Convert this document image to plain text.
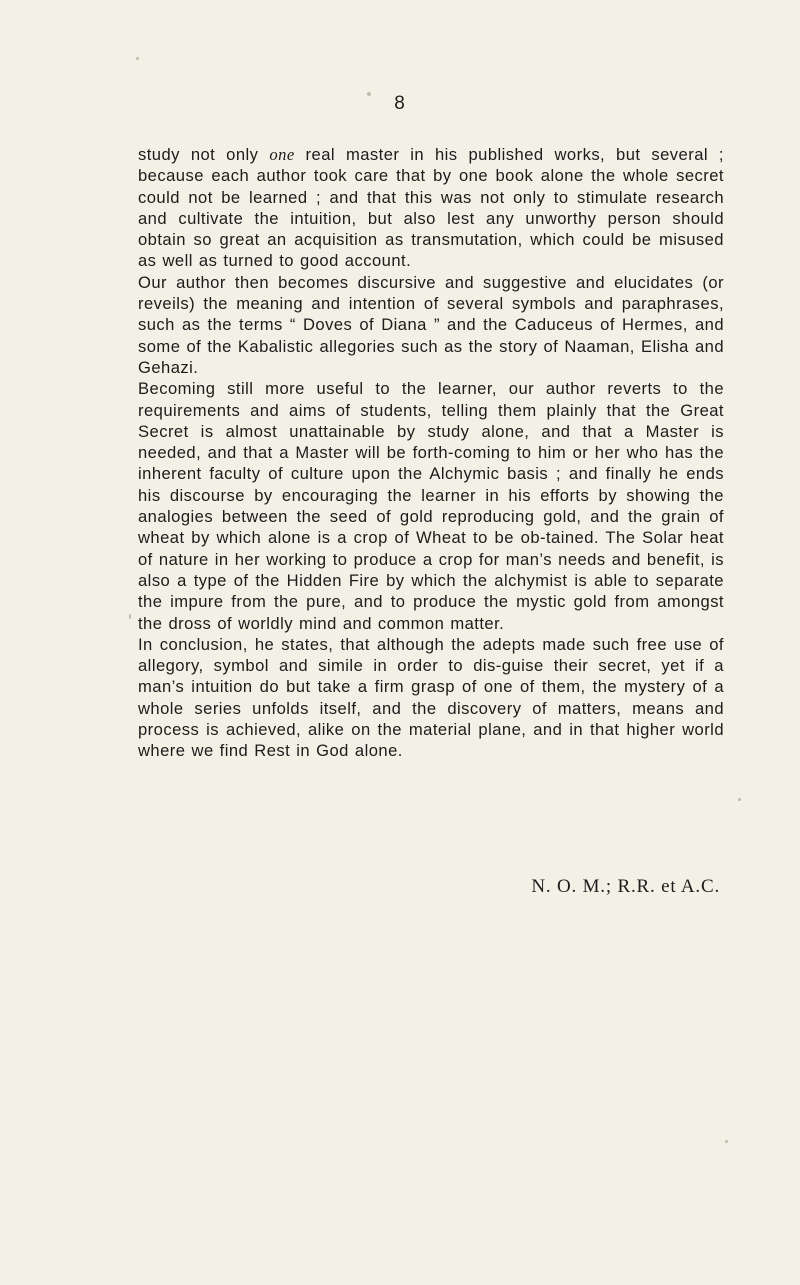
8

study not only one real master in his published works, but several ; because each author took care that by one book alone the whole secret could not be learned ; and that this was not only to stimulate research and cultivate the intuition, but also lest any unworthy person should obtain so great an acquisition as transmutation, which could be misused as well as turned to good account.

Our author then becomes discursive and suggestive and elucidates (or reveils) the meaning and intention of several symbols and paraphrases, such as the terms “ Doves of Diana ” and the Caduceus of Hermes, and some of the Kabalistic allegories such as the story of Naaman, Elisha and Gehazi.

Becoming still more useful to the learner, our author reverts to the requirements and aims of students, telling them plainly that the Great Secret is almost unattainable by study alone, and that a Master is needed, and that a Master will be forth-coming to him or her who has the inherent faculty of culture upon the Alchymic basis ; and finally he ends his discourse by encouraging the learner in his efforts by showing the analogies between the seed of gold reproducing gold, and the grain of wheat by which alone is a crop of Wheat to be ob-tained. The Solar heat of nature in her working to produce a crop for man’s needs and benefit, is also a type of the Hidden Fire by which the alchymist is able to separate the impure from the pure, and to produce the mystic gold from amongst the dross of worldly mind and common matter.

In conclusion, he states, that although the adepts made such free use of allegory, symbol and simile in order to dis-guise their secret, yet if a man’s intuition do but take a firm grasp of one of them, the mystery of a whole series unfolds itself, and the discovery of matters, means and process is achieved, alike on the material plane, and in that higher world where we find Rest in God alone.

N. O. M.; R.R. et A.C.
